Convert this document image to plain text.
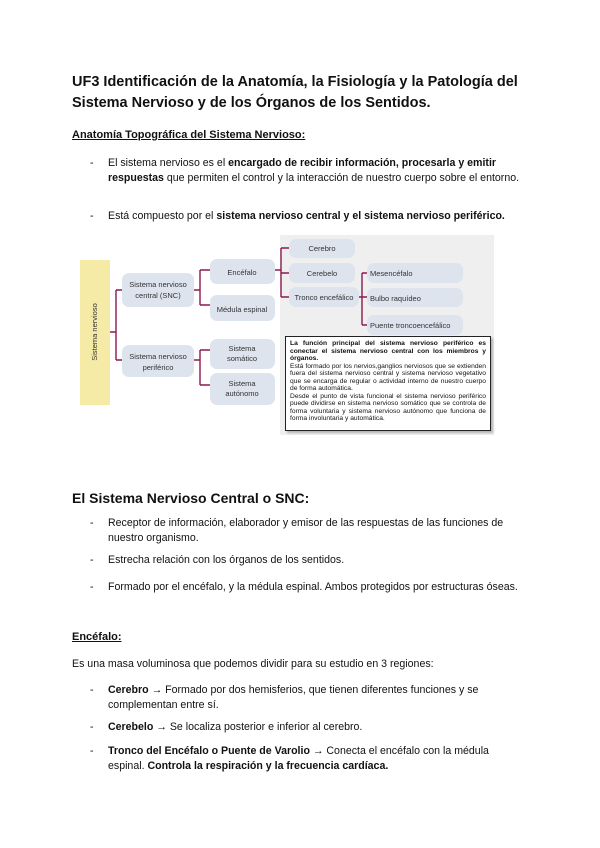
UF3 Identificación de la Anatomía, la Fisiología y la Patología del
Sistema Nervioso y de los Órganos de los Sentidos.
Anatomía Topográfica del Sistema Nervioso:
- El sistema nervioso es el encargado de recibir información, procesarla y emitir respuestas que permiten el control y la interacción de nuestro cuerpo sobre el entorno.
- Está compuesto por el sistema nervioso central y el sistema nervioso periférico.
Sistema nervioso
Sistema nervioso
central (SNC)
Sistema nervioso
periférico
Encéfalo
Médula espinal
Sistema
somático
Sistema
autónomo
Cerebro
Cerebelo
Tronco encefálico
Mesencéfalo
Bulbo raquídeo
Puente troncoencefálico
La función principal del sistema nervioso periférico es conectar el sistema nervioso central con los miembros y órganos.
Está formado por los nervios,ganglios nerviosos que se extienden fuera del sistema nervioso central y sistema nervioso vegetativo que se encarga de regular o actividad interno de nuestro cuerpo de forma automática.
Desde el punto de vista funcional el sistema nervioso periférico puede dividirse en sistema nervioso somático que se controla de forma voluntaria y sistema nervioso autónomo que funciona de forma involuntaria y automática.
El Sistema Nervioso Central o SNC:
- Receptor de información, elaborador y emisor de las respuestas de las funciones de nuestro organismo.
- Estrecha relación con los órganos de los sentidos.
- Formado por el encéfalo, y la médula espinal. Ambos protegidos por estructuras óseas.
Encéfalo:
Es una masa voluminosa que podemos dividir para su estudio en 3 regiones:
- Cerebro → Formado por dos hemisferios, que tienen diferentes funciones y se complementan entre sí.
- Cerebelo → Se localiza posterior e inferior al cerebro.
- Tronco del Encéfalo o Puente de Varolio → Conecta el encéfalo con la médula espinal. Controla la respiración y la frecuencia cardíaca.
